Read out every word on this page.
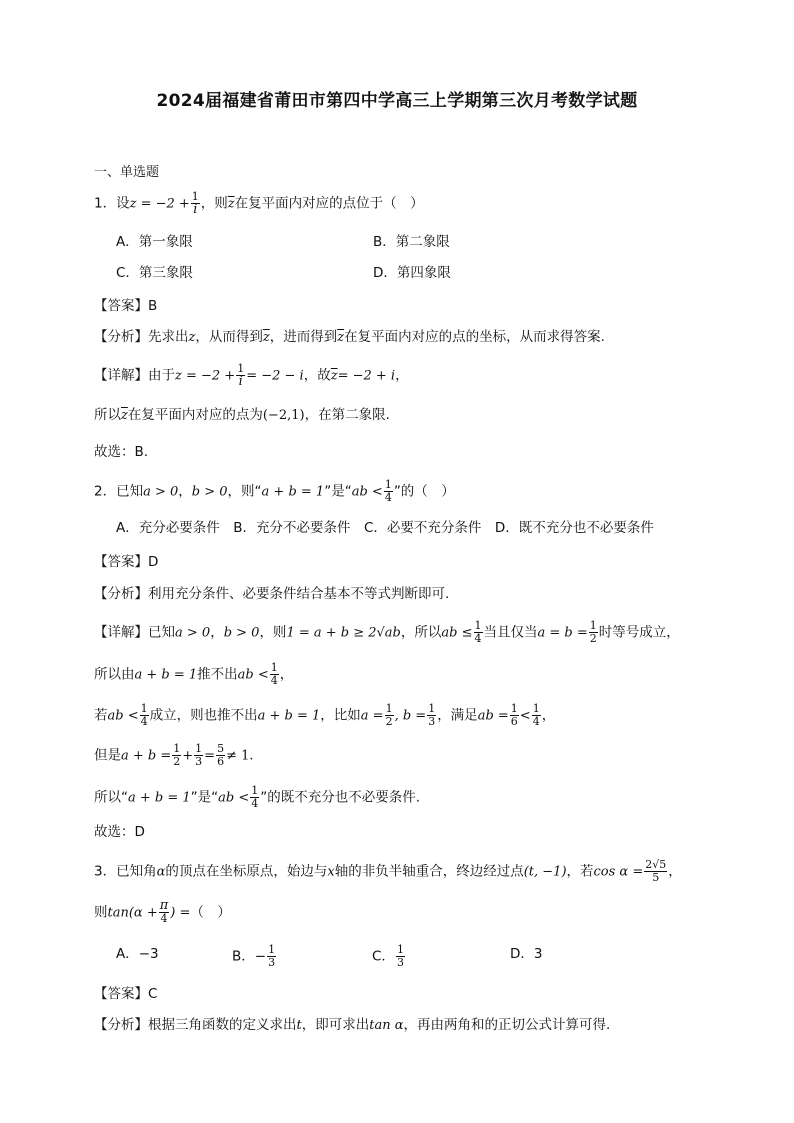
2024届福建省莆田市第四中学高三上学期第三次月考数学试题
一、单选题
1．设$z = -2 + \frac{1}{i}$ ，则$\overline{z}$在复平面内对应的点位于（　）
A．第一象限	B．第二象限
C．第三象限	D．第四象限
【答案】B
【分析】先求出z，从而得到$\overline{z}$，进而得到$\overline{z}$在复平面内对应的点的坐标，从而求得答案.
【详解】由于$z = -2 + \frac{1}{i} = -2 - i$，故$\overline{z}= -2 + i$，
所以$\overline{z}$在复平面内对应的点为(−2,1)，在第二象限.
故选：B.
2．已知a > 0，b > 0，则“a + b = 1”是“ab < $\frac{1}{4}$ ”的（　）
A．充分必要条件　B．充分不必要条件　C．必要不充分条件　D．既不充分也不必要条件
【答案】D
【分析】利用充分条件、必要条件结合基本不等式判断即可.
【详解】已知a > 0，b > 0，则1 = a + b ≥ 2√ab，所以ab ≤ $\frac{1}{4}$ 当且仅当$a = b = \frac{1}{2}$ 时等号成立，
所以由a + b = 1推不出ab < $\frac{1}{4}$ ，
若ab < $\frac{1}{4}$ 成立，则也推不出a + b = 1，比如$a = \frac{1}{2}$ , $b = \frac{1}{3}$ ，满足ab = $\frac{1}{6} < \frac{1}{4}$ ，
但是$a + b = \frac{1}{2} + \frac{1}{3} = \frac{5}{6} \ne 1$.
所以“a + b = 1”是“ab < $\frac{1}{4}$ ”的既不充分也不必要条件.
故选：D
3．已知角α的顶点在坐标原点，始边与x轴的非负半轴重合，终边经过点(t, −1)，若$\cos \alpha = \frac{2√5}{5}$ ，
则$\tan(\alpha + \frac{\pi}{4}$ ) =（　）
A．−3	B．− $\frac{1}{3}$	C． $\frac{1}{3}$	D．3
【答案】C
【分析】根据三角函数的定义求出t，即可求出tan α，再由两角和的正切公式计算可得.
